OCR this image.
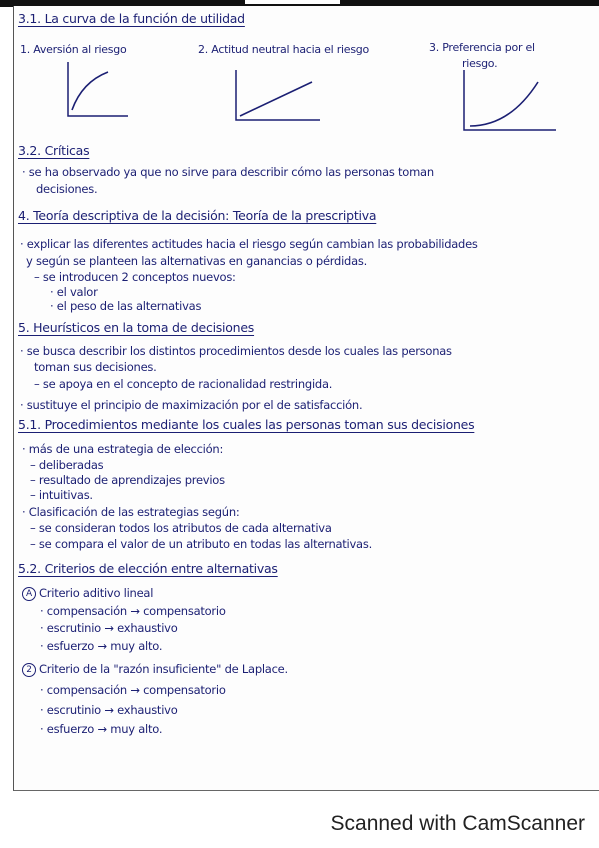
3.1. La curva de la función de utilidad
1. Aversión al riesgo	2. Actitud neutral hacia el riesgo	3. Preferencia por el
riesgo.
3.2. Críticas
· se ha observado ya que no sirve para describir cómo las personas toman
decisiones.
4. Teoría descriptiva de la decisión: Teoría de la prescriptiva
· explicar las diferentes actitudes hacia el riesgo según cambian las probabilidades
y según se planteen las alternativas en ganancias o pérdidas.
– se introducen 2 conceptos nuevos:
· el valor
· el peso de las alternativas
5. Heurísticos en la toma de decisiones
· se busca describir los distintos procedimientos desde los cuales las personas
toman sus decisiones.
– se apoya en el concepto de racionalidad restringida.
· sustituye el principio de maximización por el de satisfacción.
5.1. Procedimientos mediante los cuales las personas toman sus decisiones
· más de una estrategia de elección:
– deliberadas
– resultado de aprendizajes previos
– intuitivas.
· Clasificación de las estrategias según:
– se consideran todos los atributos de cada alternativa
– se compara el valor de un atributo en todas las alternativas.
5.2. Criterios de elección entre alternativas
A Criterio aditivo lineal
· compensación → compensatorio
· escrutinio → exhaustivo
· esfuerzo → muy alto.
2 Criterio de la "razón insuficiente" de Laplace.
· compensación → compensatorio
· escrutinio → exhaustivo
· esfuerzo → muy alto.
Scanned with CamScanner
